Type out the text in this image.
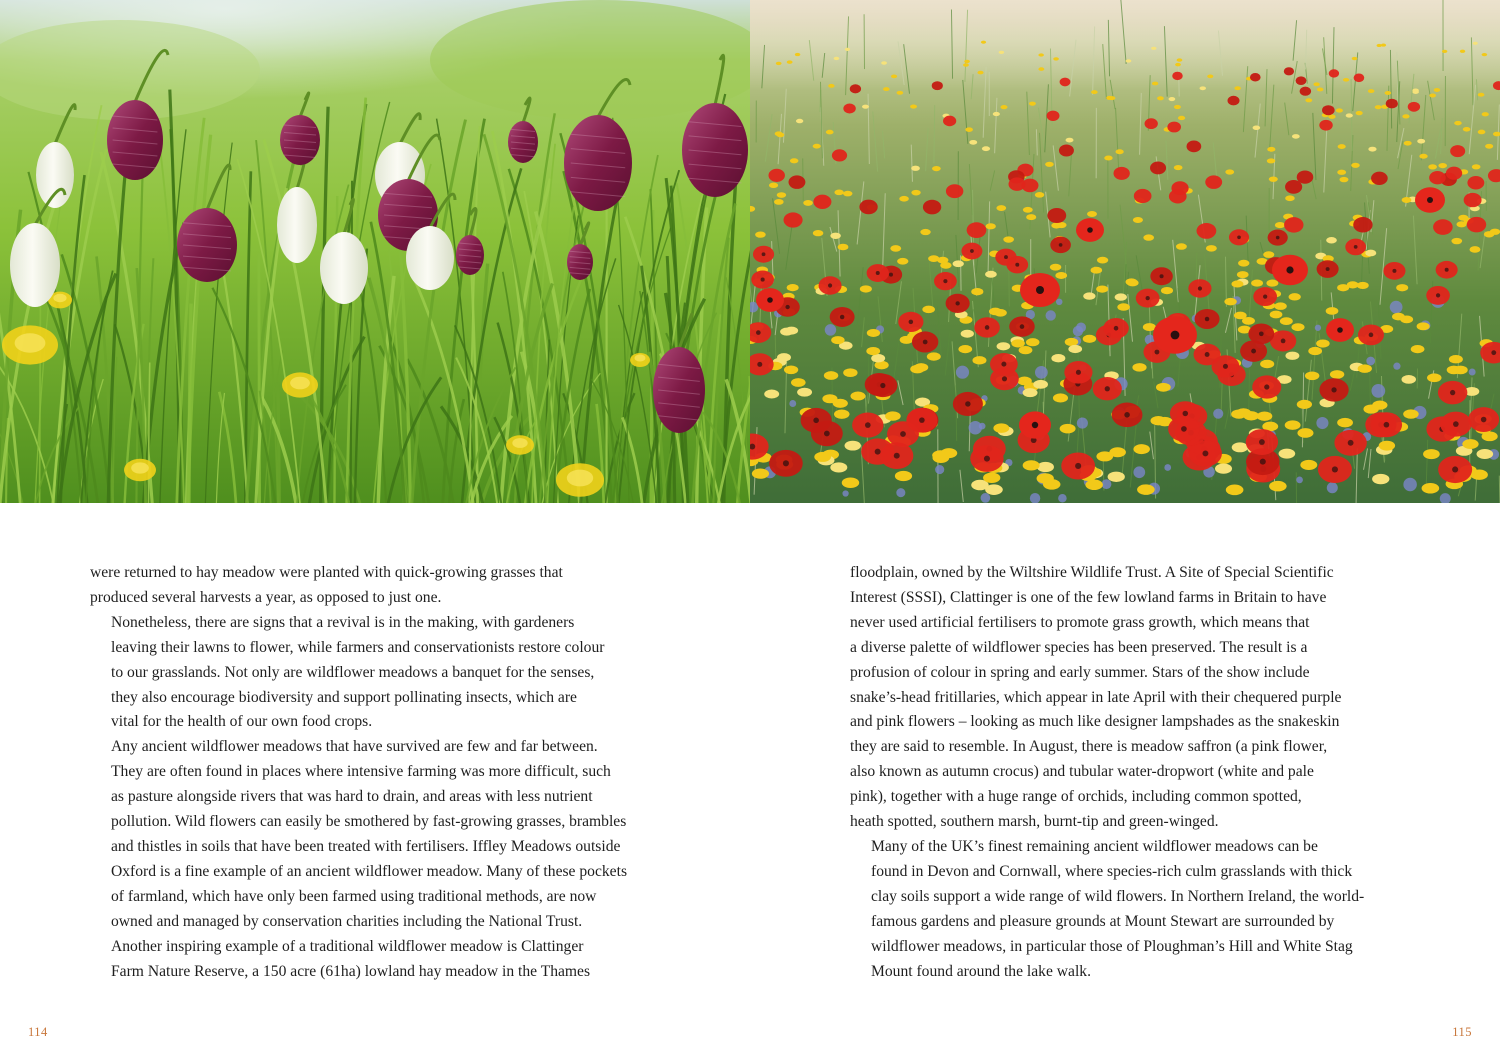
were returned to hay meadow were planted with quick-growing grasses that
produced several harvests a year, as opposed to just one.

Nonetheless, there are signs that a revival is in the making, with gardeners
leaving their lawns to flower, while farmers and conservationists restore colour
to our grasslands. Not only are wildflower meadows a banquet for the senses,
they also encourage biodiversity and support pollinating insects, which are
vital for the health of our own food crops.

Any ancient wildflower meadows that have survived are few and far between.
They are often found in places where intensive farming was more difficult, such
as pasture alongside rivers that was hard to drain, and areas with less nutrient
pollution. Wild flowers can easily be smothered by fast-growing grasses, brambles
and thistles in soils that have been treated with fertilisers. Iffley Meadows outside
Oxford is a fine example of an ancient wildflower meadow. Many of these pockets
of farmland, which have only been farmed using traditional methods, are now
owned and managed by conservation charities including the National Trust.

Another inspiring example of a traditional wildflower meadow is Clattinger
Farm Nature Reserve, a 150 acre (61ha) lowland hay meadow in the Thames

floodplain, owned by the Wiltshire Wildlife Trust. A Site of Special Scientific
Interest (SSSI), Clattinger is one of the few lowland farms in Britain to have
never used artificial fertilisers to promote grass growth, which means that
a diverse palette of wildflower species has been preserved. The result is a
profusion of colour in spring and early summer. Stars of the show include
snake’s-head fritillaries, which appear in late April with their chequered purple
and pink flowers – looking as much like designer lampshades as the snakeskin
they are said to resemble. In August, there is meadow saffron (a pink flower,
also known as autumn crocus) and tubular water-dropwort (white and pale
pink), together with a huge range of orchids, including common spotted,
heath spotted, southern marsh, burnt-tip and green-winged.

Many of the UK’s finest remaining ancient wildflower meadows can be
found in Devon and Cornwall, where species-rich culm grasslands with thick
clay soils support a wide range of wild flowers. In Northern Ireland, the world-
famous gardens and pleasure grounds at Mount Stewart are surrounded by
wildflower meadows, in particular those of Ploughman’s Hill and White Stag
Mount found around the lake walk.

114	115
